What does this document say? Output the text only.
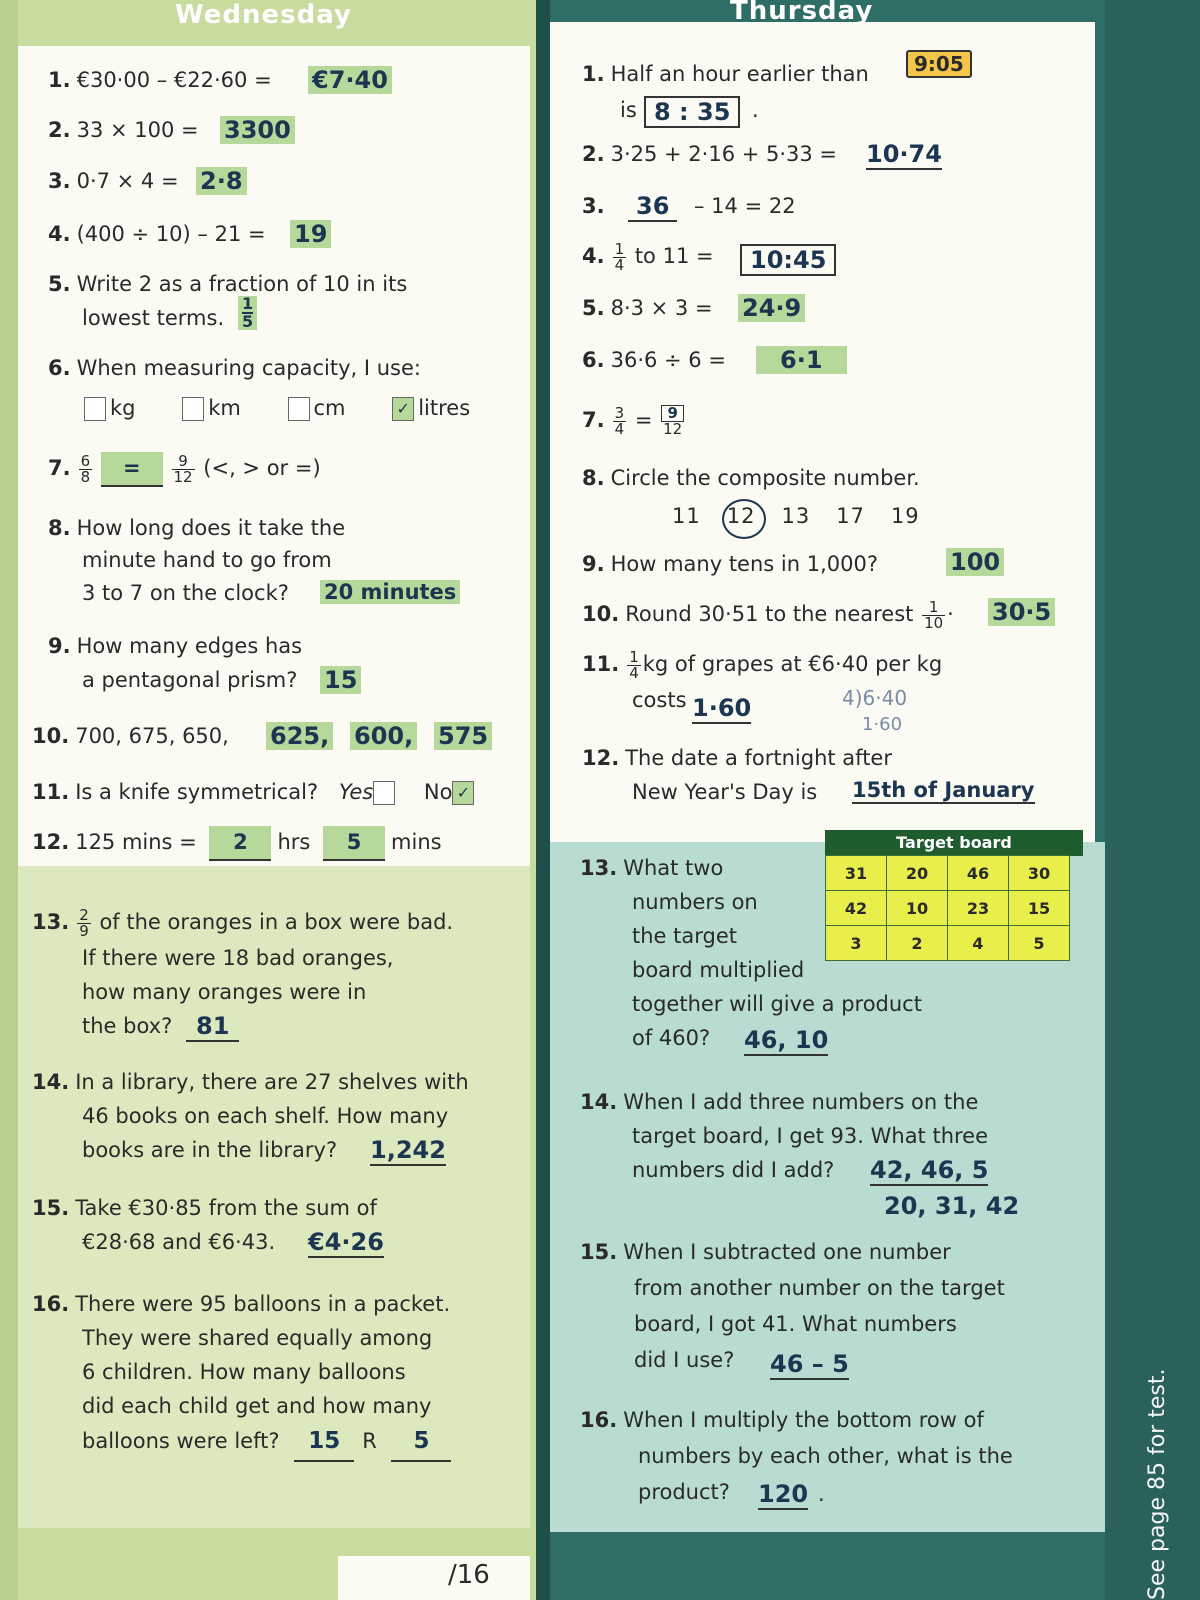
Wednesday
1. €30·00 – €22·60 = €7·40
2. 33 × 100 = 3300
3. 0·7 × 4 = 2·8
4. (400 ÷ 10) – 21 = 19
5. Write 2 as a fraction of 10 in its
lowest terms.
1
5
6. When measuring capacity, I use:
kg	km	cm	✓ litres
7. $\frac{6}{8} = \frac{9}{12}$ (<, > or =)
8. How long does it take the
minute hand to go from
3 to 7 on the clock? 20 minutes
9. How many edges has
a pentagonal prism? 15
10. 700, 675, 650, 625, 600, 575
11. Is a knife symmetrical? Yes No ✓
12. 125 mins = 2 hrs 5 mins
13. $\frac{2}{9}$ of the oranges in a box were bad.
If there were 18 bad oranges,
how many oranges were in
the box? 81
14. In a library, there are 27 shelves with
46 books on each shelf. How many
books are in the library? 1,242
15. Take €30·85 from the sum of
€28·68 and €6·43. €4·26
16. There were 95 balloons in a packet.
They were shared equally among
6 children. How many balloons
did each child get and how many
balloons were left? 15 R 5
/16
Thursday
1. Half an hour earlier than	9:05
is 8 : 35	.
2. 3·25 + 2·16 + 5·33 = 10·74
3.	36	– 14 = 22
4. $\frac{1}{4}$ to 11 =	10:45
5. 8·3 × 3 = 24·9
6. 36·6 ÷ 6 =	6·1
7. $\frac{3}{4} = \frac{9}{12}$
8. Circle the composite number.
11 12 13 17 19
9. How many tens in 1,000?	100
10. Round 30·51 to the nearest $\frac{1}{10} \cdot 30\cdot 5$
11. $\frac{1}{4}$ kg of grapes at €6·40 per kg
costs 1·60	4)6·40
1·60
12. The date a fortnight after
New Year's Day is 15th of January
Target board
31	20	46	30
42	10	23	15
3	2	4	5
13. What two
numbers on
the target
board multiplied
together will give a product
of 460? 46, 10
14. When I add three numbers on the
target board, I get 93. What three
numbers did I add? 42, 46, 5
20, 31, 42
15. When I subtracted one number
from another number on the target
board, I got 41. What numbers
did I use? 46 – 5
16. When I multiply the bottom row of
numbers by each other, what is the
product? 120 .	See page 85 for test.
